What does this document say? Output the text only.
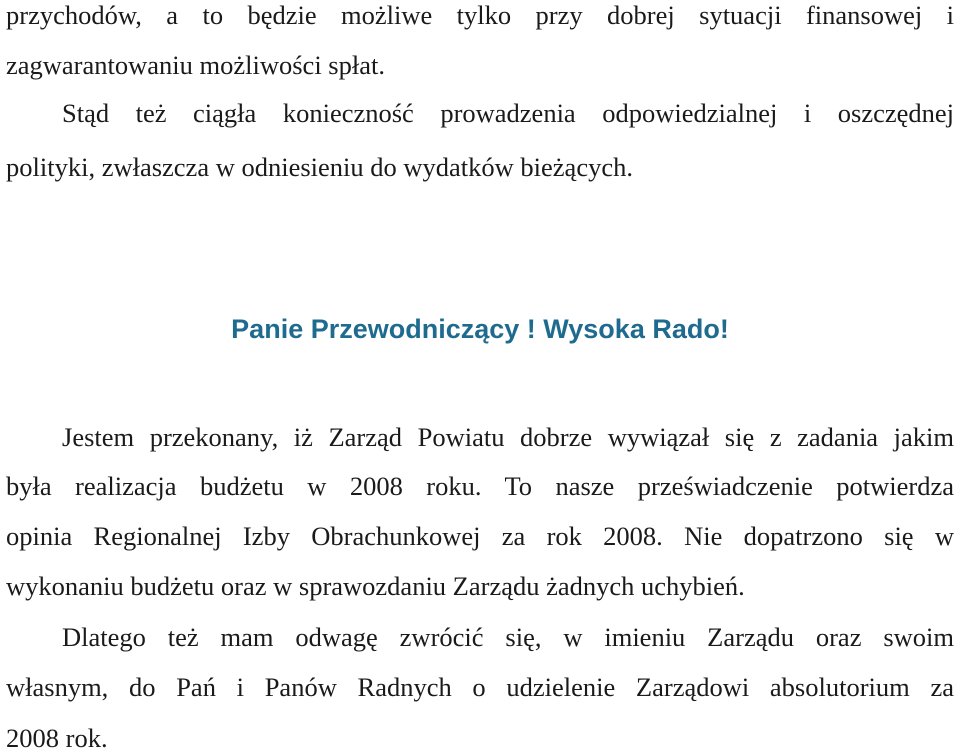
przychodów, a to będzie możliwe tylko przy dobrej sytuacji finansowej i
zagwarantowaniu możliwości spłat.
Stąd też ciągła konieczność prowadzenia odpowiedzialnej i oszczędnej
polityki, zwłaszcza w odniesieniu do wydatków bieżących.
Panie Przewodniczący ! Wysoka Rado!
Jestem przekonany, iż Zarząd Powiatu dobrze wywiązał się z zadania jakim
była realizacja budżetu w 2008 roku. To nasze przeświadczenie potwierdza
opinia Regionalnej Izby Obrachunkowej za rok 2008. Nie dopatrzono się w
wykonaniu budżetu oraz w sprawozdaniu Zarządu żadnych uchybień.
Dlatego też mam odwagę zwrócić się, w imieniu Zarządu oraz swoim
własnym, do Pań i Panów Radnych o udzielenie Zarządowi absolutorium za
2008 rok.
